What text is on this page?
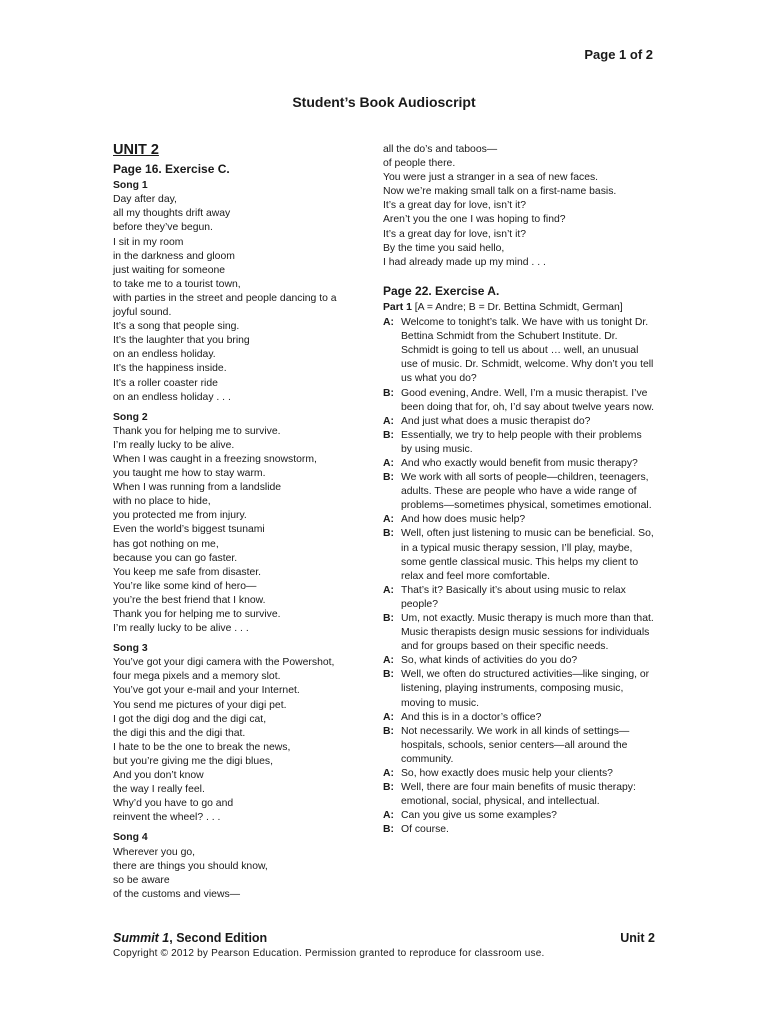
Page 1 of 2
Student’s Book Audioscript
UNIT 2
Page 16. Exercise C.
Song 1
Day after day,
all my thoughts drift away
before they’ve begun.
I sit in my room
in the darkness and gloom
just waiting for someone
to take me to a tourist town,
with parties in the street and people dancing to a joyful sound.
It’s a song that people sing.
It’s the laughter that you bring
on an endless holiday.
It’s the happiness inside.
It’s a roller coaster ride
on an endless holiday . . .
Song 2
Thank you for helping me to survive.
I’m really lucky to be alive.
When I was caught in a freezing snowstorm,
you taught me how to stay warm.
When I was running from a landslide
with no place to hide,
you protected me from injury.
Even the world’s biggest tsunami
has got nothing on me,
because you can go faster.
You keep me safe from disaster.
You’re like some kind of hero—
you’re the best friend that I know.
Thank you for helping me to survive.
I’m really lucky to be alive . . .
Song 3
You’ve got your digi camera with the Powershot,
four mega pixels and a memory slot.
You’ve got your e-mail and your Internet.
You send me pictures of your digi pet.
I got the digi dog and the digi cat,
the digi this and the digi that.
I hate to be the one to break the news,
but you’re giving me the digi blues,
And you don’t know
the way I really feel.
Why’d you have to go and
reinvent the wheel? . . .
Song 4
Wherever you go,
there are things you should know,
so be aware
of the customs and views—
all the do’s and taboos—
of people there.
You were just a stranger in a sea of new faces.
Now we’re making small talk on a first-name basis.
It’s a great day for love, isn’t it?
Aren’t you the one I was hoping to find?
It’s a great day for love, isn’t it?
By the time you said hello,
I had already made up my mind . . .
Page 22. Exercise A.
Part 1 [A = Andre; B = Dr. Bettina Schmidt, German]
A: Welcome to tonight’s talk. We have with us tonight Dr. Bettina Schmidt from the Schubert Institute. Dr. Schmidt is going to tell us about … well, an unusual use of music. Dr. Schmidt, welcome. Why don’t you tell us what you do?
B: Good evening, Andre. Well, I’m a music therapist. I’ve been doing that for, oh, I’d say about twelve years now.
A: And just what does a music therapist do?
B: Essentially, we try to help people with their problems by using music.
A: And who exactly would benefit from music therapy?
B: We work with all sorts of people—children, teenagers, adults. These are people who have a wide range of problems—sometimes physical, sometimes emotional.
A: And how does music help?
B: Well, often just listening to music can be beneficial. So, in a typical music therapy session, I’ll play, maybe, some gentle classical music. This helps my client to relax and feel more comfortable.
A: That’s it? Basically it’s about using music to relax people?
B: Um, not exactly. Music therapy is much more than that. Music therapists design music sessions for individuals and for groups based on their specific needs.
A: So, what kinds of activities do you do?
B: Well, we often do structured activities—like singing, or listening, playing instruments, composing music, moving to music.
A: And this is in a doctor’s office?
B: Not necessarily. We work in all kinds of settings—hospitals, schools, senior centers—all around the community.
A: So, how exactly does music help your clients?
B: Well, there are four main benefits of music therapy: emotional, social, physical, and intellectual.
A: Can you give us some examples?
B: Of course.
Summit 1, Second Edition	Unit 2
Copyright © 2012 by Pearson Education. Permission granted to reproduce for classroom use.
